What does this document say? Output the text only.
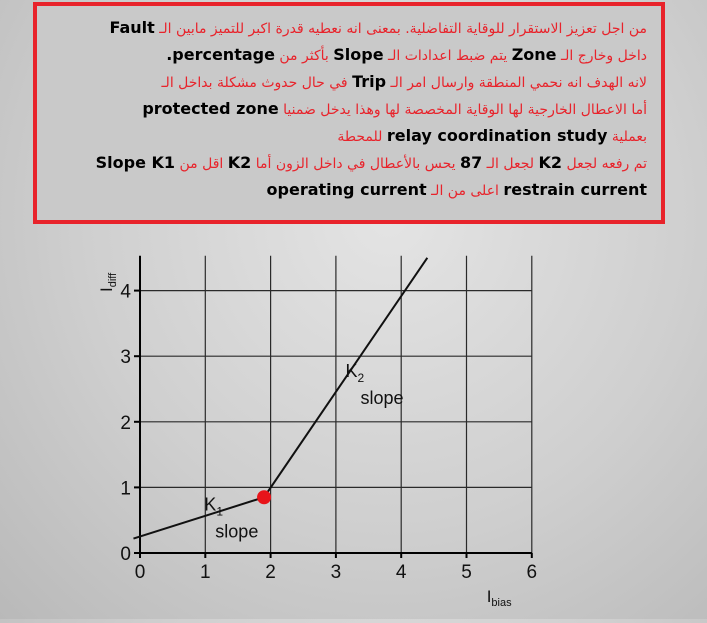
من اجل تعزيز الاستقرار للوقاية التفاضلية. بمعنى انه نعطيه قدرة اكبر للتميز مابين الـ Fault
داخل وخارج الـ Zone يتم ضبط اعدادات الـ Slope بأكثر من percentage.
لانه الهدف انه نحمي المنطقة وارسال امر الـ Trip في حال حدوث مشكلة بداخل الـ
protected zone أما الاعطال الخارجية لها الوقاية المخصصة لها وهذا يدخل ضمنيا
بعملية relay coordination study للمحطة
Slope K1 اقل من K2 لجعل الـ 87 يحس بالأعطال في داخل الزون أما K2 تم رفعه لجعل
operating current اعلى من الـ restrain current
0
1
2
3
4
0	1	2	3	4	5	6
$I_{bias}$
$I_{diff}$
$K_1$
slope
$K_2$
slope
